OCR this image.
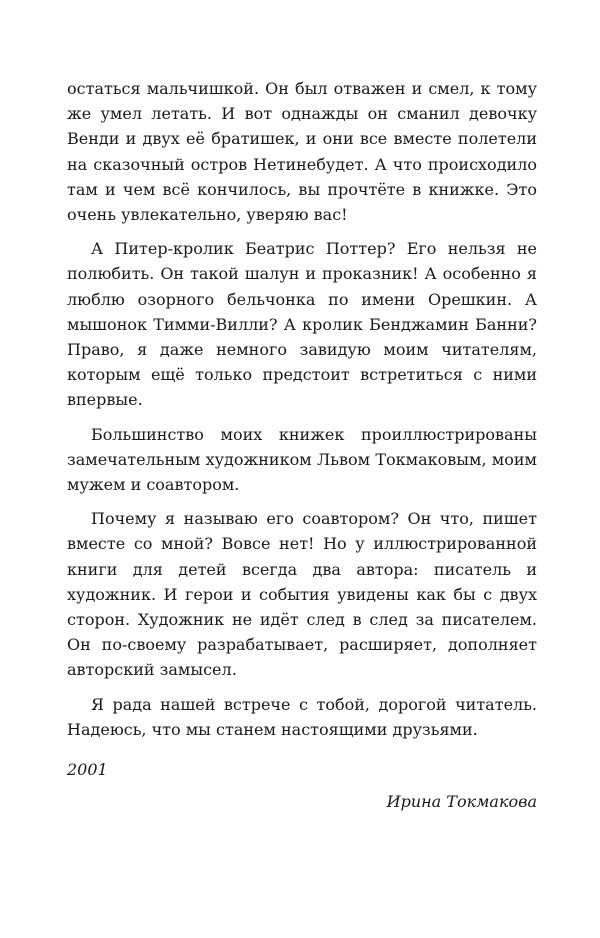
остаться мальчишкой. Он был отважен и смел, к тому же умел летать. И вот однажды он сманил девочку Венди и двух её братишек, и они все вместе полетели на сказочный остров Нетинебудет. А что происходило там и чем всё кончилось, вы прочтёте в книжке. Это очень увлекательно, уверяю вас!

А Питер-кролик Беатрис Поттер? Его нельзя не полюбить. Он такой шалун и проказник! А особенно я люблю озорного бельчонка по имени Орешкин. А мышонок Тимми-Вилли? А кролик Бенджамин Банни? Право, я даже немного завидую моим читателям, которым ещё только предстоит встретиться с ними впервые.

Большинство моих книжек проиллюстрированы замечательным художником Львом Токмаковым, моим мужем и соавтором.

Почему я называю его соавтором? Он что, пишет вместе со мной? Вовсе нет! Но у иллюстрированной книги для детей всегда два автора: писатель и художник. И герои и события увидены как бы с двух сторон. Художник не идёт след в след за писателем. Он по-своему разрабатывает, расширяет, дополняет авторский замысел.

Я рада нашей встрече с тобой, дорогой читатель. Надеюсь, что мы станем настоящими друзьями.

2001

Ирина Токмакова
